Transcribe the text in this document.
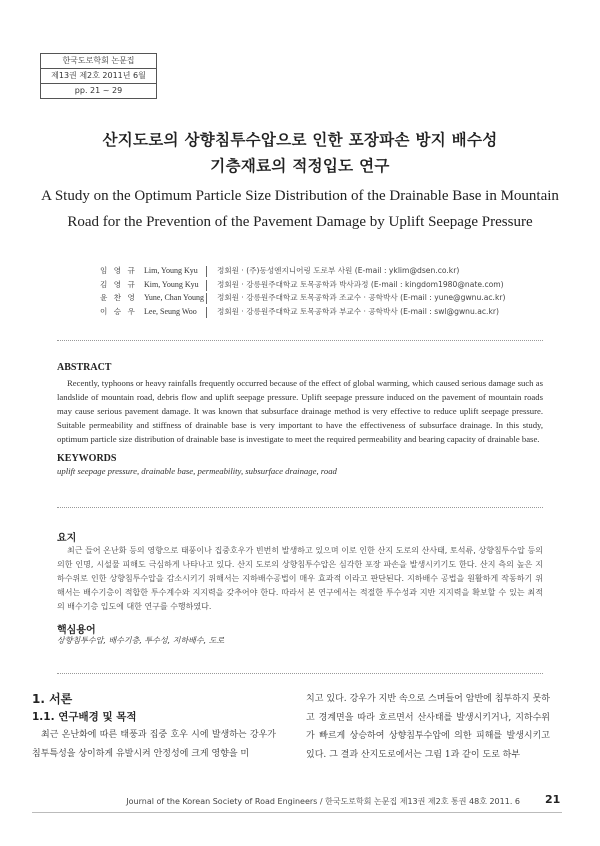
한국도로학회 논문집
제13권 제2호 2011년 6월
pp. 21 ~ 29
산지도로의 상향침투수압으로 인한 포장파손 방지 배수성
기층재료의 적정입도 연구
A Study on the Optimum Particle Size Distribution of the Drainable Base in Mountain
Road for the Prevention of the Pavement Damage by Uplift Seepage Pressure
임 영 규 Lim, Young Kyu	정회원 · (주)동성엔지니어링 도로부 사원 (E-mail : yklim@dsen.co.kr)
김 영 규 Kim, Young Kyu	정회원 · 강릉원주대학교 토목공학과 박사과정 (E-mail : kingdom1980@nate.com)
윤 찬 영 Yune, Chan Young 정회원 · 강릉원주대학교 토목공학과 조교수 · 공학박사 (E-mail : yune@gwnu.ac.kr)
이 승 우 Lee, Seung Woo	정회원 · 강릉원주대학교 토목공학과 부교수 · 공학박사 (E-mail : swl@gwnu.ac.kr)
ABSTRACT
Recently, typhoons or heavy rainfalls frequently occurred because of the effect of global warming, which caused serious damage such as landslide of mountain road, debris flow and uplift seepage pressure. Uplift seepage pressure induced on the pavement of mountain roads may cause serious pavement damage. It was known that subsurface drainage method is very effective to reduce uplift seepage pressure. Suitable permeability and stiffness of drainable base is very important to have the effectiveness of subsurface drainage. In this study, optimum particle size distribution of drainable base is investigate to meet the required permeability and bearing capacity of drainable base.
KEYWORDS
uplift seepage pressure, drainable base, permeability, subsurface drainage, road
요지
최근 들어 온난화 등의 영향으로 태풍이나 집중호우가 빈번히 발생하고 있으며 이로 인한 산지 도로의 산사태, 토석류, 상향침투수압 등의 의한 인명, 시설물 피해도 극심하게 나타나고 있다. 산지 도로의 상향침투수압은 심각한 포장 파손을 발생시키기도 한다. 산지 측의 높은 지하수위로 인한 상향침투수압을 감소시키기 위해서는 지하배수공법이 매우 효과적 이라고 판단된다. 지하배수 공법을 원활하게 작동하기 위해서는 배수기층이 적합한 투수계수와 지지력을 갖추어야 한다. 따라서 본 연구에서는 적절한 투수성과 지반 지지력을 확보할 수 있는 최적의 배수기층 입도에 대한 연구를 수행하였다.
핵심용어
상향침투수압, 배수기층, 투수성, 지하배수, 도로
1. 서론
1.1. 연구배경 및 목적
최근 온난화에 따른 태풍과 집중 호우 시에 발생하는 강우가 침투특성을 상이하게 유발시켜 안정성에 크게 영향을 미
치고 있다. 강우가 지반 속으로 스며들어 암반에 침투하지 못하고 경계면을 따라 흐르면서 산사태를 발생시키거나, 지하수위가 빠르게 상승하여 상향침투수압에 의한 피해를 발생시키고 있다. 그 결과 산지도로에서는 그림 1과 같이 도로 하부
Journal of the Korean Society of Road Engineers / 한국도로학회 논문집 제13권 제2호 통권 48호 2011. 6 21
